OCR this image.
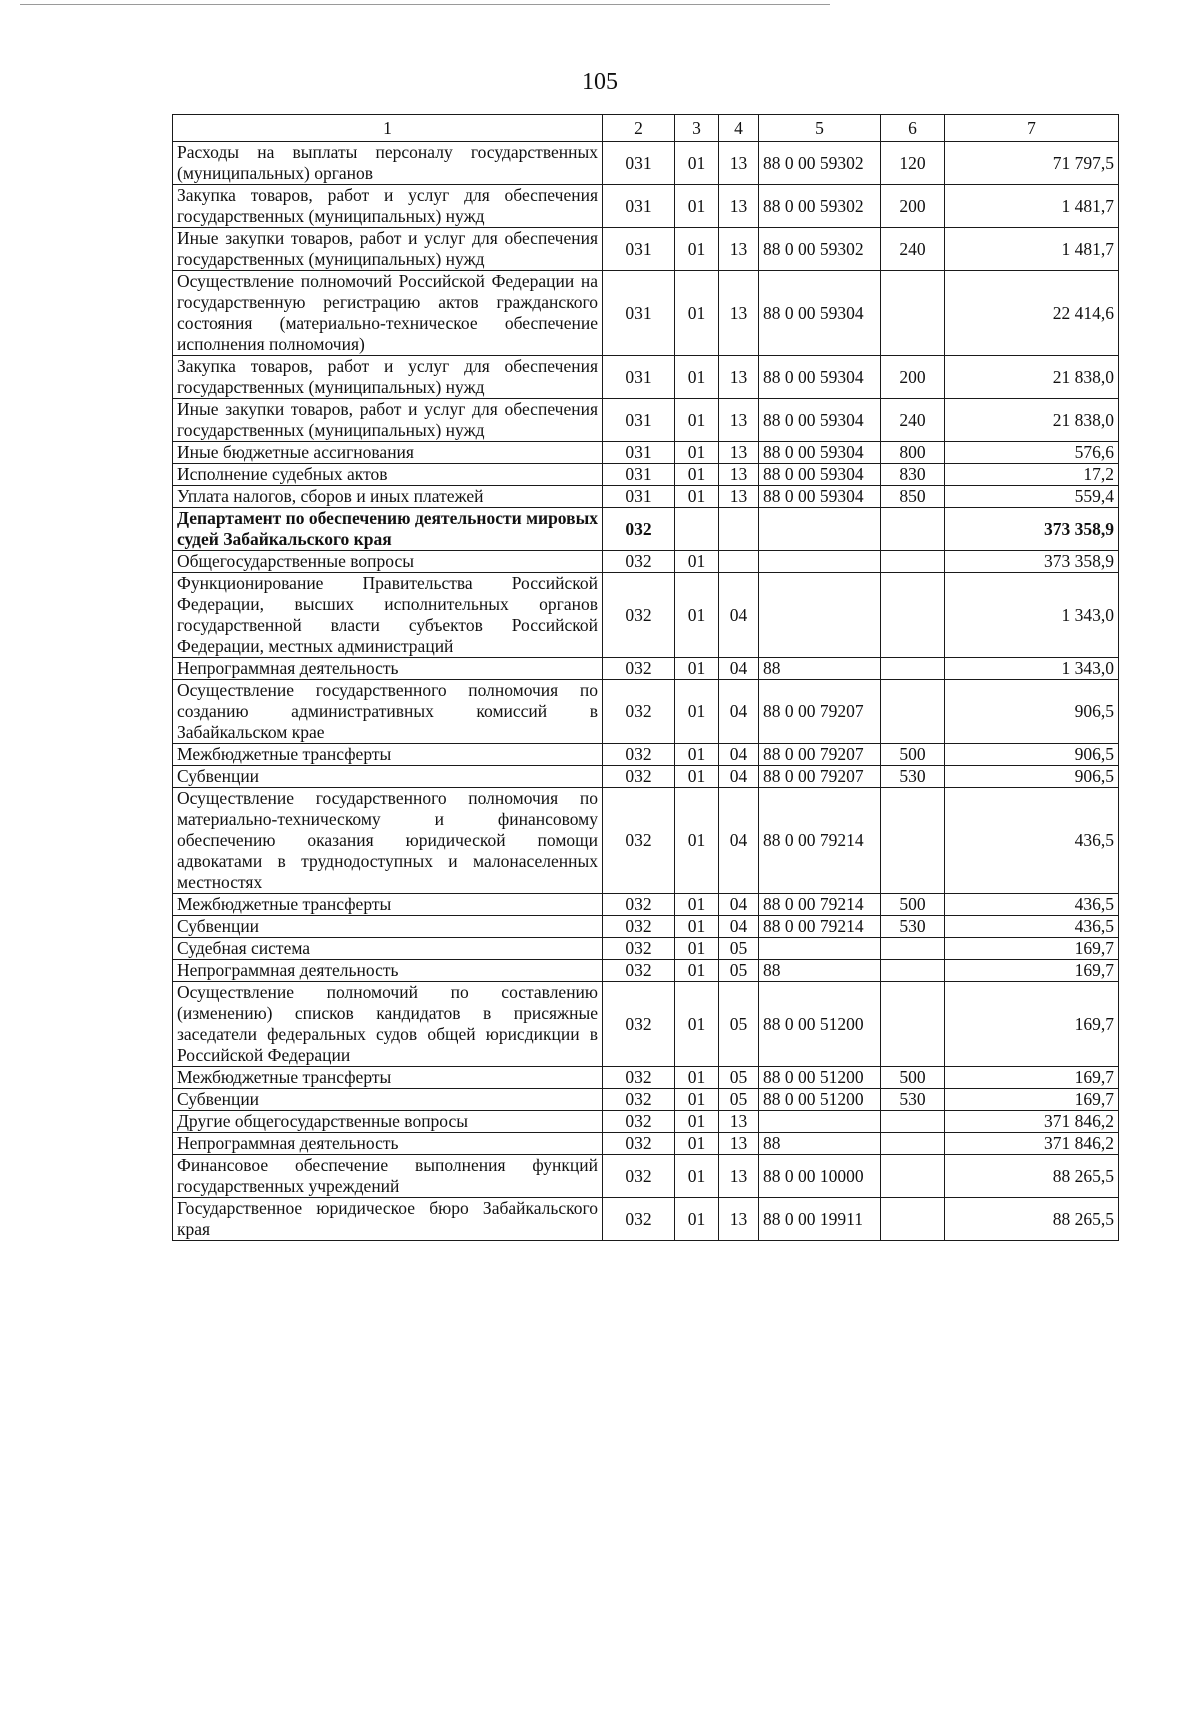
105
1	2	3	4	5	6	7
Расходы на выплаты персоналу государственных (муниципальных) органов	031	01	13	88 0 00 59302	120	71 797,5
Закупка товаров, работ и услуг для обеспечения государственных (муниципальных) нужд	031	01	13	88 0 00 59302	200	1 481,7
Иные закупки товаров, работ и услуг для обеспечения государственных (муниципальных) нужд	031	01	13	88 0 00 59302	240	1 481,7
Осуществление полномочий Российской Федерации на государственную регистрацию актов гражданского состояния (материально-техническое обеспечение исполнения полномочия)	031	01	13	88 0 00 59304		22 414,6
Закупка товаров, работ и услуг для обеспечения государственных (муниципальных) нужд	031	01	13	88 0 00 59304	200	21 838,0
Иные закупки товаров, работ и услуг для обеспечения государственных (муниципальных) нужд	031	01	13	88 0 00 59304	240	21 838,0
Иные бюджетные ассигнования	031	01	13	88 0 00 59304	800	576,6
Исполнение судебных актов	031	01	13	88 0 00 59304	830	17,2
Уплата налогов, сборов и иных платежей	031	01	13	88 0 00 59304	850	559,4
Департамент по обеспечению деятельности мировых судей Забайкальского края	032					373 358,9
Общегосударственные вопросы	032	01				373 358,9
Функционирование Правительства Российской Федерации, высших исполнительных органов государственной власти субъектов Российской Федерации, местных администраций	032	01	04			1 343,0
Непрограммная деятельность	032	01	04	88		1 343,0
Осуществление государственного полномочия по созданию административных комиссий в Забайкальском крае	032	01	04	88 0 00 79207		906,5
Межбюджетные трансферты	032	01	04	88 0 00 79207	500	906,5
Субвенции	032	01	04	88 0 00 79207	530	906,5
Осуществление государственного полномочия по материально-техническому и финансовому обеспечению оказания юридической помощи адвокатами в труднодоступных и малонаселенных местностях	032	01	04	88 0 00 79214		436,5
Межбюджетные трансферты	032	01	04	88 0 00 79214	500	436,5
Субвенции	032	01	04	88 0 00 79214	530	436,5
Судебная система	032	01	05			169,7
Непрограммная деятельность	032	01	05	88		169,7
Осуществление полномочий по составлению (изменению) списков кандидатов в присяжные заседатели федеральных судов общей юрисдикции в Российской Федерации	032	01	05	88 0 00 51200		169,7
Межбюджетные трансферты	032	01	05	88 0 00 51200	500	169,7
Субвенции	032	01	05	88 0 00 51200	530	169,7
Другие общегосударственные вопросы	032	01	13			371 846,2
Непрограммная деятельность	032	01	13	88		371 846,2
Финансовое обеспечение выполнения функций государственных учреждений	032	01	13	88 0 00 10000		88 265,5
Государственное юридическое бюро Забайкальского края	032	01	13	88 0 00 19911		88 265,5
